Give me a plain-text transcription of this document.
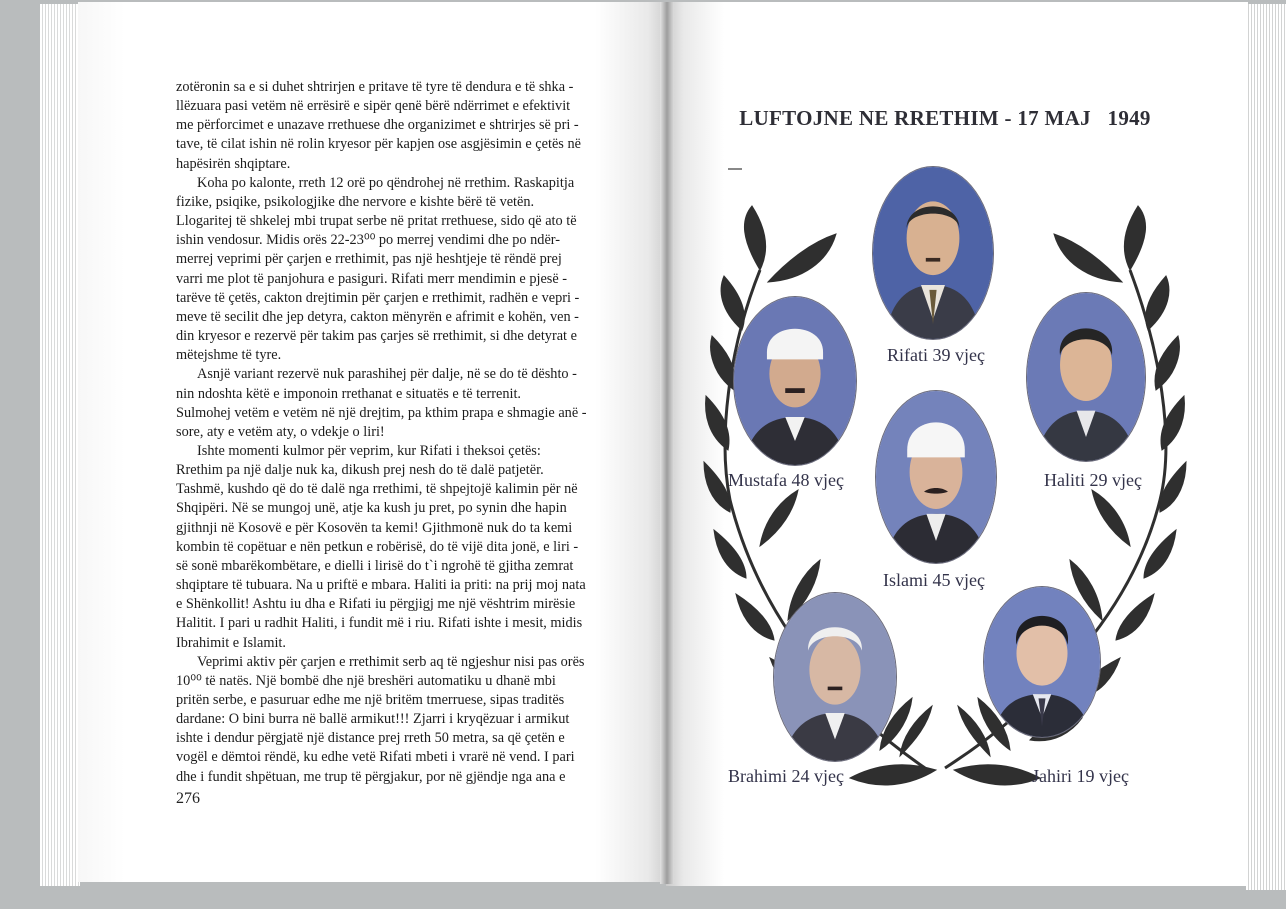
zotëronin sa e si duhet shtrirjen e pritave të tyre të dendura e të shka -
llëzuara pasi vetëm në errësirë e sipër qenë bërë ndërrimet e efektivit
me përforcimet e unazave rrethuese dhe organizimet e shtrirjes së pri -
tave, të cilat ishin në rolin kryesor për kapjen ose asgjësimin e çetës në
hapësirën shqiptare.
Koha po kalonte, rreth 12 orë po qëndrohej në rrethim. Raskapitja
fizike, psiqike, psikologjike dhe nervore e kishte bërë të vetën.
Llogaritej të shkelej mbi trupat serbe në pritat rrethuese, sido që ato të
ishin vendosur. Midis orës 22-23⁰⁰ po merrej vendimi dhe po ndër-
merrej veprimi për çarjen e rrethimit, pas një heshtjeje të rëndë prej
varri me plot të panjohura e pasiguri. Rifati merr mendimin e pjesë -
tarëve të çetës, cakton drejtimin për çarjen e rrethimit, radhën e vepri -
meve të secilit dhe jep detyra, cakton mënyrën e afrimit e kohën, ven -
din kryesor e rezervë për takim pas çarjes së rrethimit, si dhe detyrat e
mëtejshme të tyre.
Asnjë variant rezervë nuk parashihej për dalje, në se do të dështo -
nin ndoshta këtë e imponoin rrethanat e situatës e të terrenit.
Sulmohej vetëm e vetëm në një drejtim, pa kthim prapa e shmagie anë -
sore, aty e vetëm aty, o vdekje o liri!
Ishte momenti kulmor për veprim, kur Rifati i theksoi çetës:
Rrethim pa një dalje nuk ka, dikush prej nesh do të dalë patjetër.
Tashmë, kushdo që do të dalë nga rrethimi, të shpejtojë kalimin për në
Shqipëri. Në se mungoj unë, atje ka kush ju pret, po synin dhe hapin
gjithnji në Kosovë e për Kosovën ta kemi! Gjithmonë nuk do ta kemi
kombin të copëtuar e nën petkun e robërisë, do të vijë dita jonë, e liri -
së sonë mbarëkombëtare, e dielli i lirisë do t`i ngrohë të gjitha zemrat
shqiptare të tubuara. Na u priftë e mbara. Haliti ia priti: na prij moj nata
e Shënkollit! Ashtu iu dha e Rifati iu përgjigj me një vështrim mirësie
Halitit. I pari u radhit Haliti, i fundit më i riu. Rifati ishte i mesit, midis
Ibrahimit e Islamit.
Veprimi aktiv për çarjen e rrethimit serb aq të ngjeshur nisi pas orës
10⁰⁰ të natës. Një bombë dhe një breshëri automatiku u dhanë mbi
pritën serbe, e pasuruar edhe me një britëm tmerruese, sipas traditës
dardane: O bini burra në ballë armikut!!! Zjarri i kryqëzuar i armikut
ishte i dendur përgjatë një distance prej rreth 50 metra, sa që çetën e
vogël e dëmtoi rëndë, ku edhe vetë Rifati mbeti i vrarë në vend. I pari
dhe i fundit shpëtuan, me trup të përgjakur, por në gjëndje nga ana e
276
LUFTOJNE NE RRETHIM - 17 MAJ   1949
Rifati 39 vjeç
Mustafa 48 vjeç	Haliti 29 vjeç
Islami 45 vjeç
Brahimi 24 vjeç	Jahiri 19 vjeç
